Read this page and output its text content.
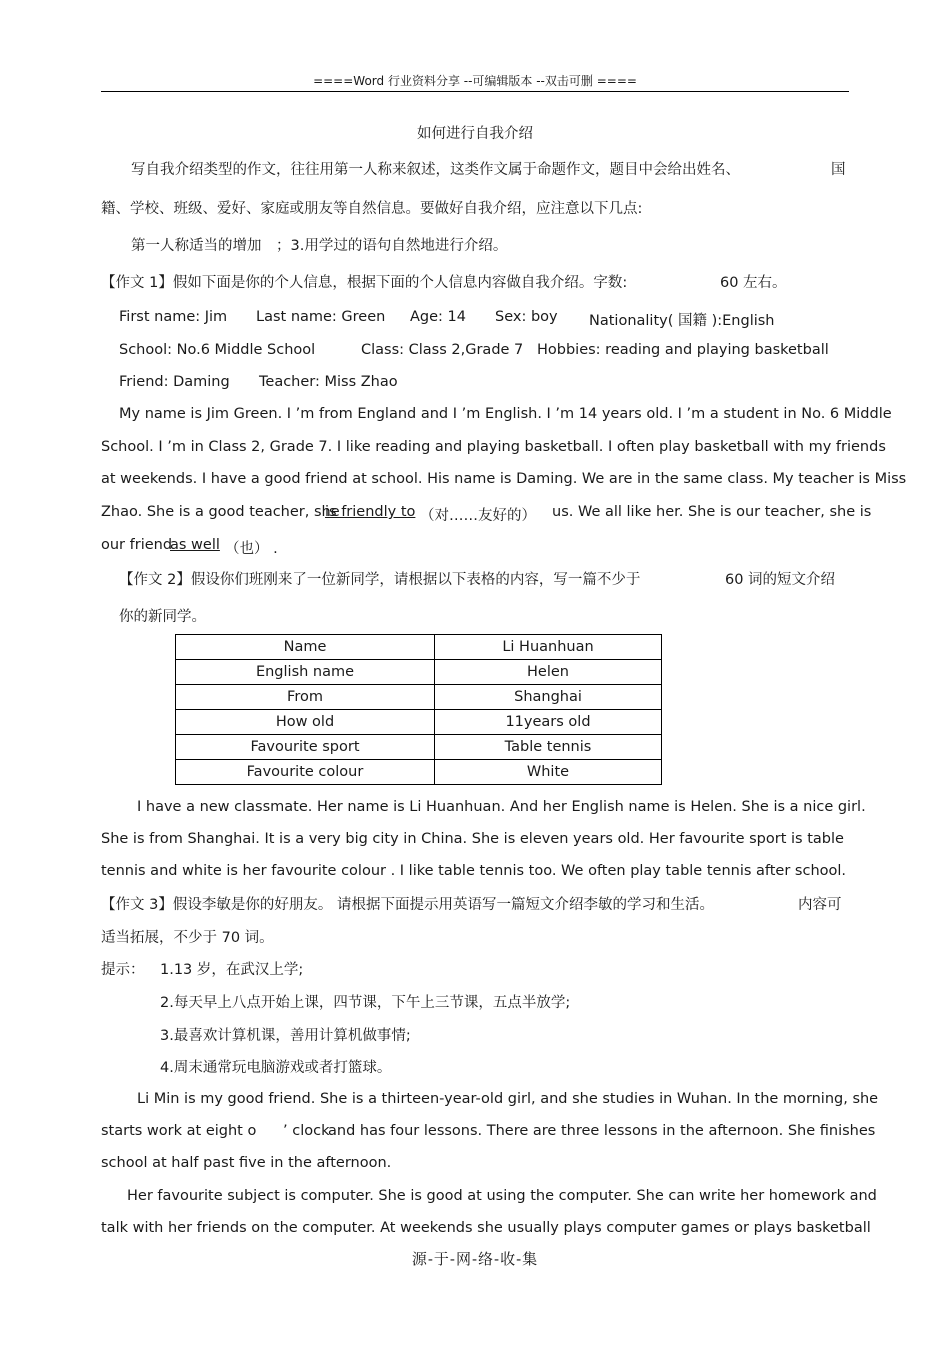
====Word 行业资料分享 --可编辑版本 --双击可删 ====
如何进行自我介绍
写自我介绍类型的作文，往往用第一人称来叙述，这类作文属于命题作文，题目中会给出姓名、	国
籍、学校、班级、爱好、家庭或朋友等自然信息。要做好自我介绍，应注意以下几点:
第一人称适当的增加　；3.用学过的语句自然地进行介绍。
【作文 1】假如下面是你的个人信息，根据下面的个人信息内容做自我介绍。字数:	60 左右。
First name: Jim Last name: Green Age: 14 Sex: boy Nationality( 国籍 ):English
School: No.6 Middle School	Class: Class 2,Grade 7 Hobbies: reading and playing basketball
Friend: Daming Teacher: Miss Zhao
My name is Jim Green. I ’m from England and I ’m English. I ’m 14 years old. I ’m a student in No. 6 Middle
School. I ’m in Class 2, Grade 7. I like reading and playing basketball. I often play basketball with my friends
at weekends. I have a good friend at school. His name is Daming. We are in the same class. My teacher is Miss
Zhao. She is a good teacher, she
is friendly to （对……友好的） us. We all like her. She is our teacher, she is
our friend
as well （也） .
【作文 2】假设你们班刚来了一位新同学，请根据以下表格的内容，写一篇不少于	60 词的短文介绍
你的新同学。
Name	Li Huanhuan
English name	Helen
From	Shanghai
How old	11years old
Favourite sport	Table tennis
Favourite colour	White
I have a new classmate. Her name is Li Huanhuan. And her English name is Helen. She is a nice girl.
She is from Shanghai. It is a very big city in China. She is eleven years old. Her favourite sport is table
tennis and white is her favourite colour . I like table tennis too. We often play table tennis after school.
【作文 3】假设李敏是你的好朋友。 请根据下面提示用英语写一篇短文介绍李敏的学习和生活。	内容可
适当拓展，不少于 70 词。
提示： 1.13 岁，在武汉上学;
2.每天早上八点开始上课，四节课，下午上三节课，五点半放学;
3.最喜欢计算机课，善用计算机做事情;
4.周末通常玩电脑游戏或者打篮球。
Li Min is my good friend. She is a thirteen-year-old girl, and she studies in Wuhan. In the morning, she
starts work at eight o ’ clock
and has four lessons. There are three lessons in the afternoon. She finishes
school at half past five in the afternoon.
Her favourite subject is computer. She is good at using the computer. She can write her homework and
talk with her friends on the computer. At weekends she usually plays computer games or plays basketball
源-于-网-络-收-集
